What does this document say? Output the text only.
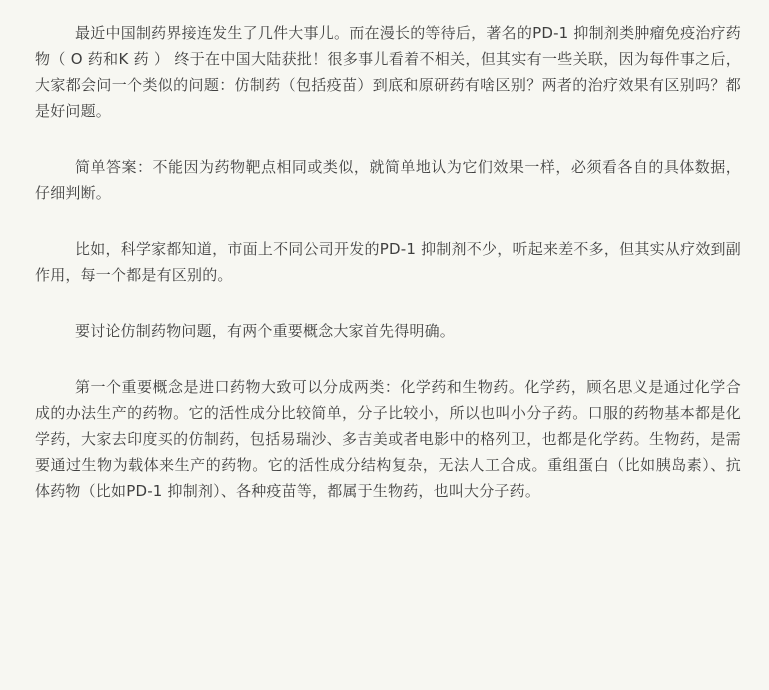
最近中国制药界接连发生了几件大事儿。而在漫长的等待后，著名的PD-1 抑制剂类肿瘤免疫治疗药物（ O 药和K 药 ） 终于在中国大陆获批！很多事儿看着不相关，但其实有一些关联，因为每件事之后，大家都会问一个类似的问题：仿制药（包括疫苗）到底和原研药有啥区别？两者的治疗效果有区别吗？都是好问题。

简单答案：不能因为药物靶点相同或类似，就简单地认为它们效果一样，必须看各自的具体数据，仔细判断。

比如，科学家都知道，市面上不同公司开发的PD-1 抑制剂不少，听起来差不多，但其实从疗效到副作用，每一个都是有区别的。

要讨论仿制药物问题，有两个重要概念大家首先得明确。

第一个重要概念是进口药物大致可以分成两类：化学药和生物药。化学药，顾名思义是通过化学合成的办法生产的药物。它的活性成分比较简单，分子比较小，所以也叫小分子药。口服的药物基本都是化学药，大家去印度买的仿制药，包括易瑞沙、多吉美或者电影中的格列卫，也都是化学药。生物药，是需要通过生物为载体来生产的药物。它的活性成分结构复杂，无法人工合成。重组蛋白（比如胰岛素）、抗体药物（比如PD-1 抑制剂）、各种疫苗等，都属于生物药，也叫大分子药。
